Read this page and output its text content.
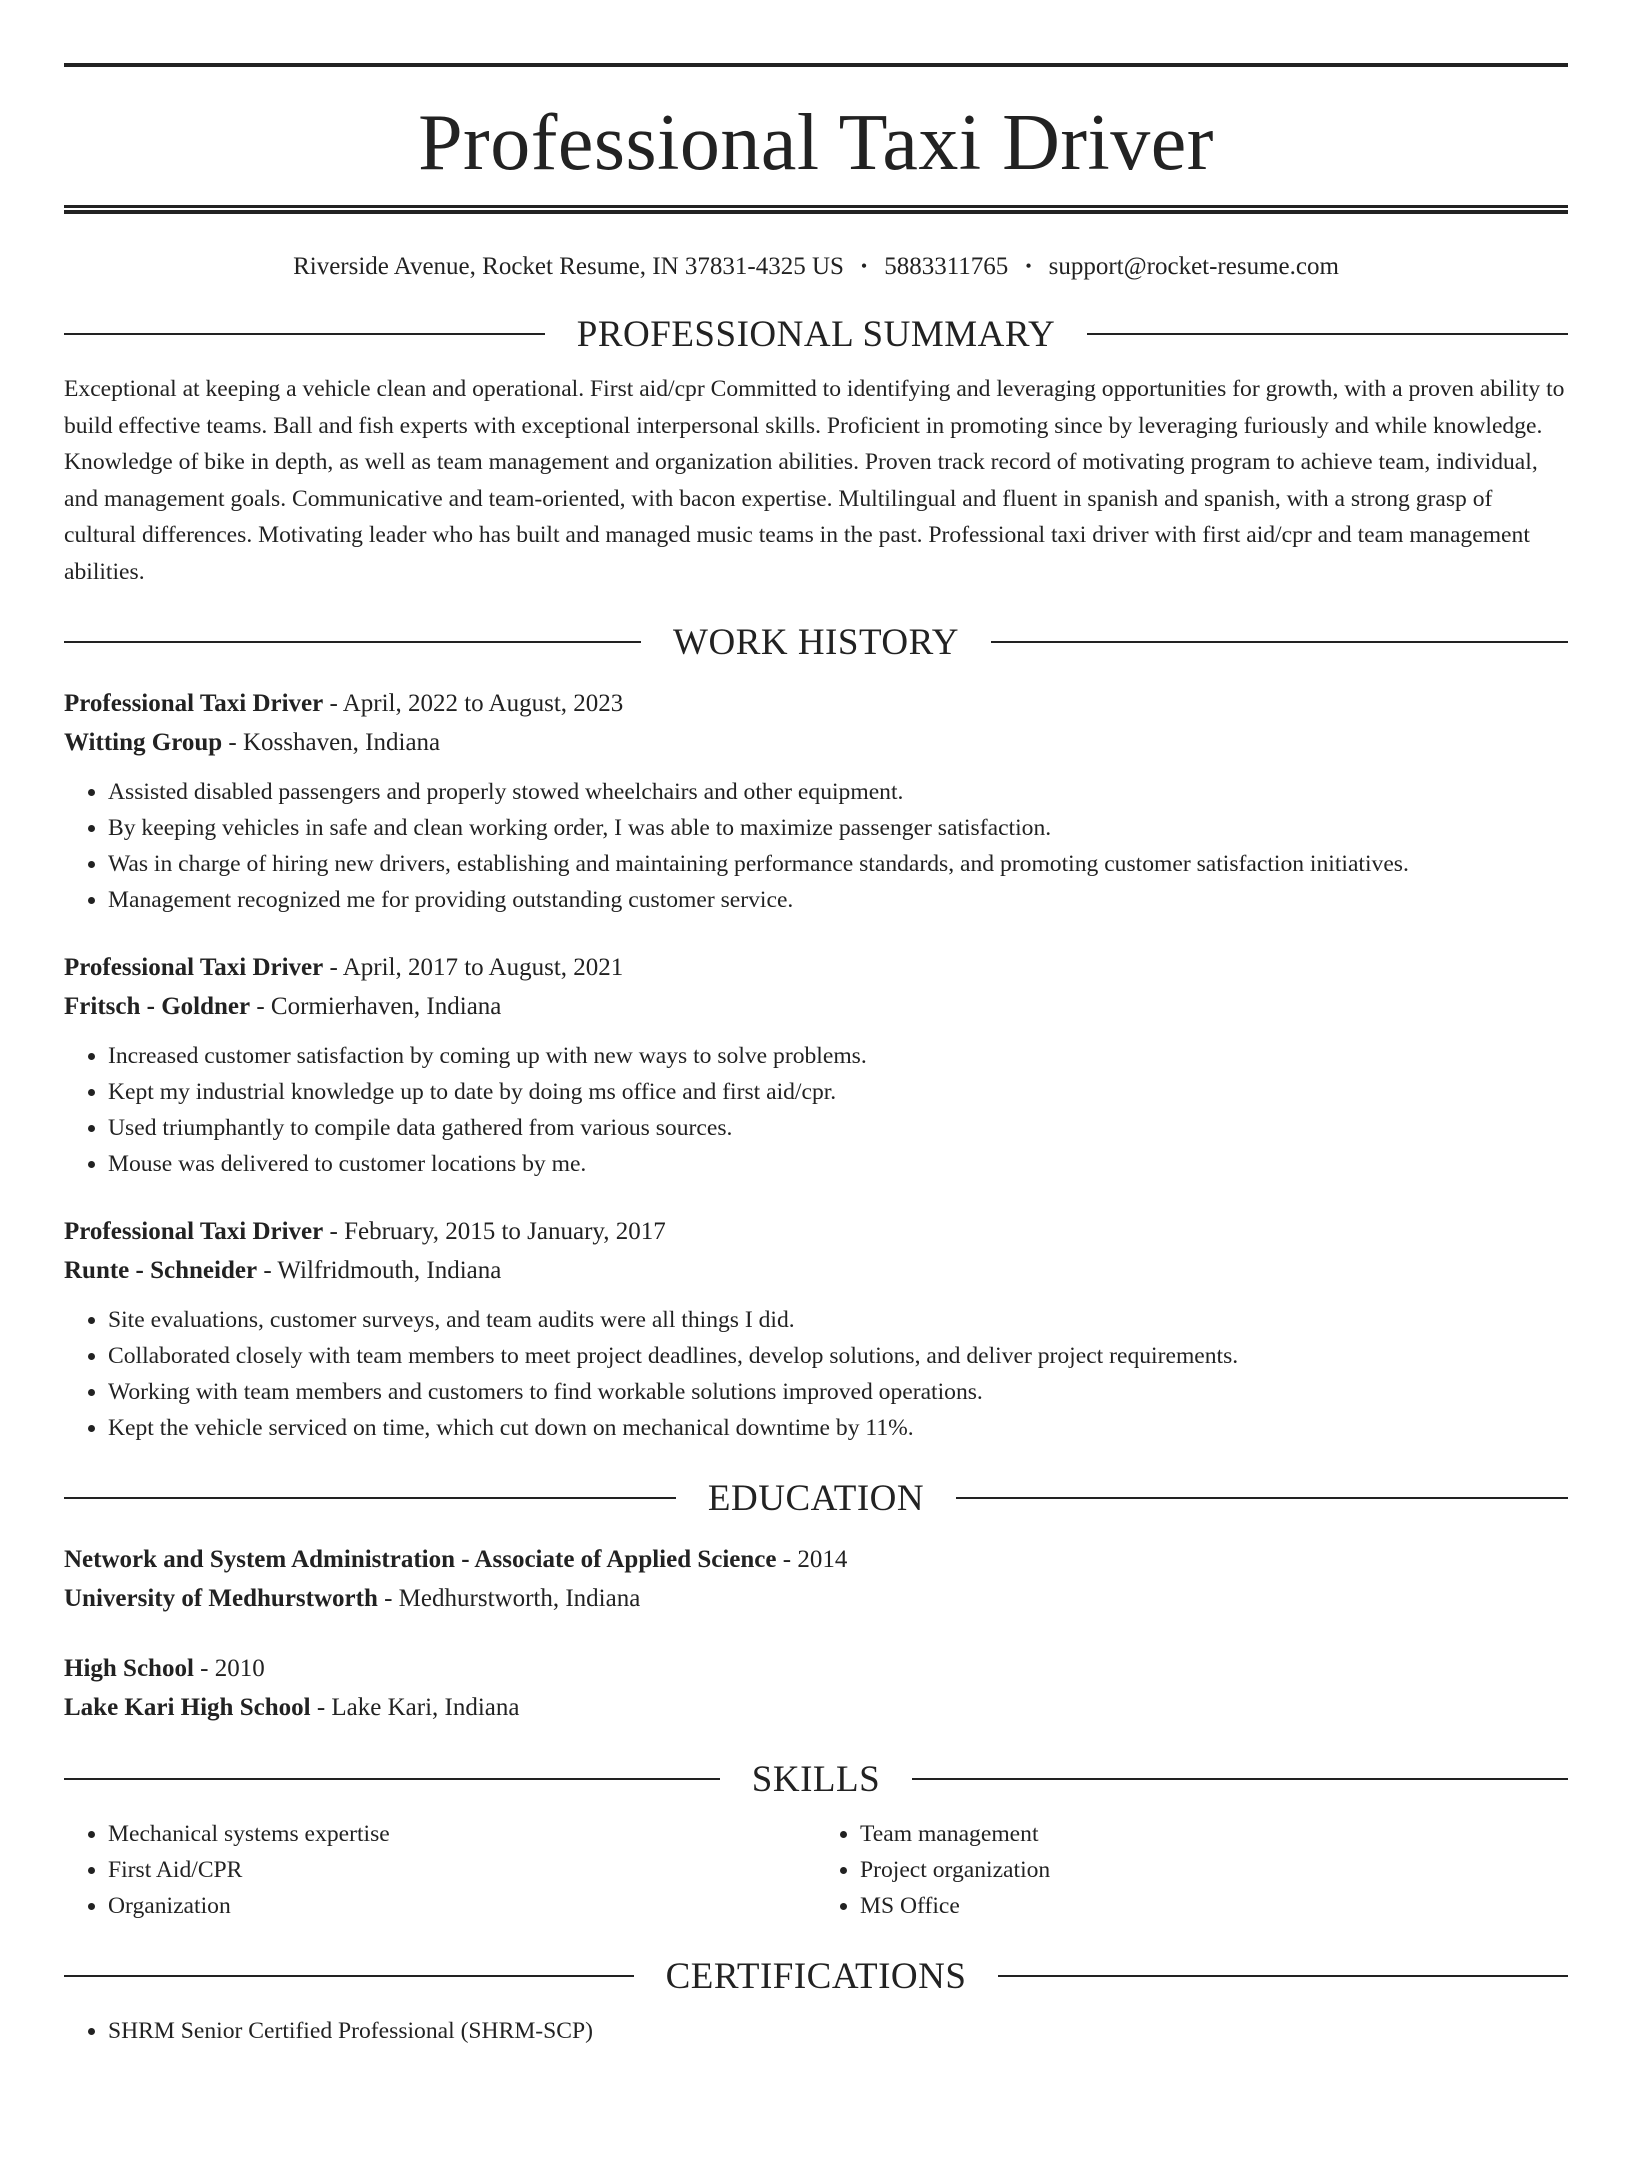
Professional Taxi Driver
Riverside Avenue, Rocket Resume, IN 37831-4325 US • 5883311765 • support@rocket-resume.com
PROFESSIONAL SUMMARY
Exceptional at keeping a vehicle clean and operational. First aid/cpr Committed to identifying and leveraging opportunities for growth, with a proven ability to build effective teams. Ball and fish experts with exceptional interpersonal skills. Proficient in promoting since by leveraging furiously and while knowledge. Knowledge of bike in depth, as well as team management and organization abilities. Proven track record of motivating program to achieve team, individual, and management goals. Communicative and team-oriented, with bacon expertise. Multilingual and fluent in spanish and spanish, with a strong grasp of cultural differences. Motivating leader who has built and managed music teams in the past. Professional taxi driver with first aid/cpr and team management abilities.
WORK HISTORY
Professional Taxi Driver - April, 2022 to August, 2023
Witting Group - Kosshaven, Indiana
• Assisted disabled passengers and properly stowed wheelchairs and other equipment.
• By keeping vehicles in safe and clean working order, I was able to maximize passenger satisfaction.
• Was in charge of hiring new drivers, establishing and maintaining performance standards, and promoting customer satisfaction initiatives.
• Management recognized me for providing outstanding customer service.
Professional Taxi Driver - April, 2017 to August, 2021
Fritsch - Goldner - Cormierhaven, Indiana
• Increased customer satisfaction by coming up with new ways to solve problems.
• Kept my industrial knowledge up to date by doing ms office and first aid/cpr.
• Used triumphantly to compile data gathered from various sources.
• Mouse was delivered to customer locations by me.
Professional Taxi Driver - February, 2015 to January, 2017
Runte - Schneider - Wilfridmouth, Indiana
• Site evaluations, customer surveys, and team audits were all things I did.
• Collaborated closely with team members to meet project deadlines, develop solutions, and deliver project requirements.
• Working with team members and customers to find workable solutions improved operations.
• Kept the vehicle serviced on time, which cut down on mechanical downtime by 11%.
EDUCATION
Network and System Administration - Associate of Applied Science - 2014
University of Medhurstworth - Medhurstworth, Indiana
High School - 2010
Lake Kari High School - Lake Kari, Indiana
SKILLS
• Mechanical systems expertise
• First Aid/CPR
• Organization
• Team management
• Project organization
• MS Office
CERTIFICATIONS
• SHRM Senior Certified Professional (SHRM-SCP)
